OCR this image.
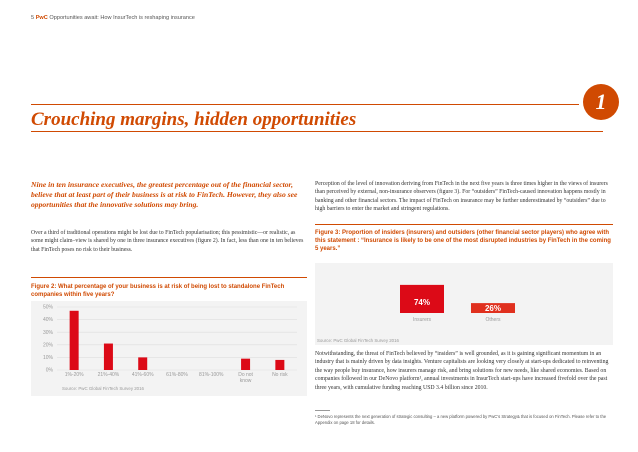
5 PwC Opportunities await: How InsurTech is reshaping insurance
Crouching margins, hidden opportunities
1
Nine in ten insurance executives, the greatest percentage out of the financial sector, believe that at least part of their business is at risk to FinTech. However, they also see opportunities that the innovative solutions may bring.
Over a third of traditional operations might be lost due to FinTech popularisation; this pessimistic—or realistic, as some might claim–view is shared by one in three insurance executives (figure 2). In fact, less than one in ten believes that FinTech poses no risk to their business.
Figure 2: What percentage of your business is at risk of being lost to standalone FinTech companies within five years?
0%
10%
20%
30%
40%
50%
1%-20%	21%-40%	41%-60%	61%-80% 81%-100%	Do not
know
No risk
Source: PwC Global FinTech Survey 2016
Perception of the level of innovation deriving from FinTech in the next five years is three times higher in the views of insurers than perceived by external, non-insurance observers (figure 3). For “outsiders” FinTech-caused innovation happens mostly in banking and other financial sectors. The impact of FinTech on insurance may be further underestimated by “outsiders” due to high barriers to enter the market and stringent regulations.
Figure 3: Proportion of insiders (insurers) and outsiders (other financial sector players) who agree with this statement : “Insurance is likely to be one of the most disrupted industries by FinTech in the coming 5 years.”
74%
Insurers
26%
Others
Source: PwC Global FinTech Survey 2016
Notwithstanding, the threat of FinTech believed by “insiders” is well grounded, as it is gaining significant momentum in an industry that is mainly driven by data insights. Venture capitalists are looking very closely at start-ups dedicated to reinventing the way people buy insurance, how insurers manage risk, and bring solutions for new needs, like shared economies. Based on companies followed in our DeNovo platform¹, annual investments in InsurTech start-ups have increased fivefold over the past three years, with cumulative funding reaching USD 3.4 billion since 2010.
¹ DeNovo represents the next generation of strategic consulting – a new platform powered by PwC’s Strategy& that is focused on FinTech. Please refer to the Appendix on page 18 for details.
